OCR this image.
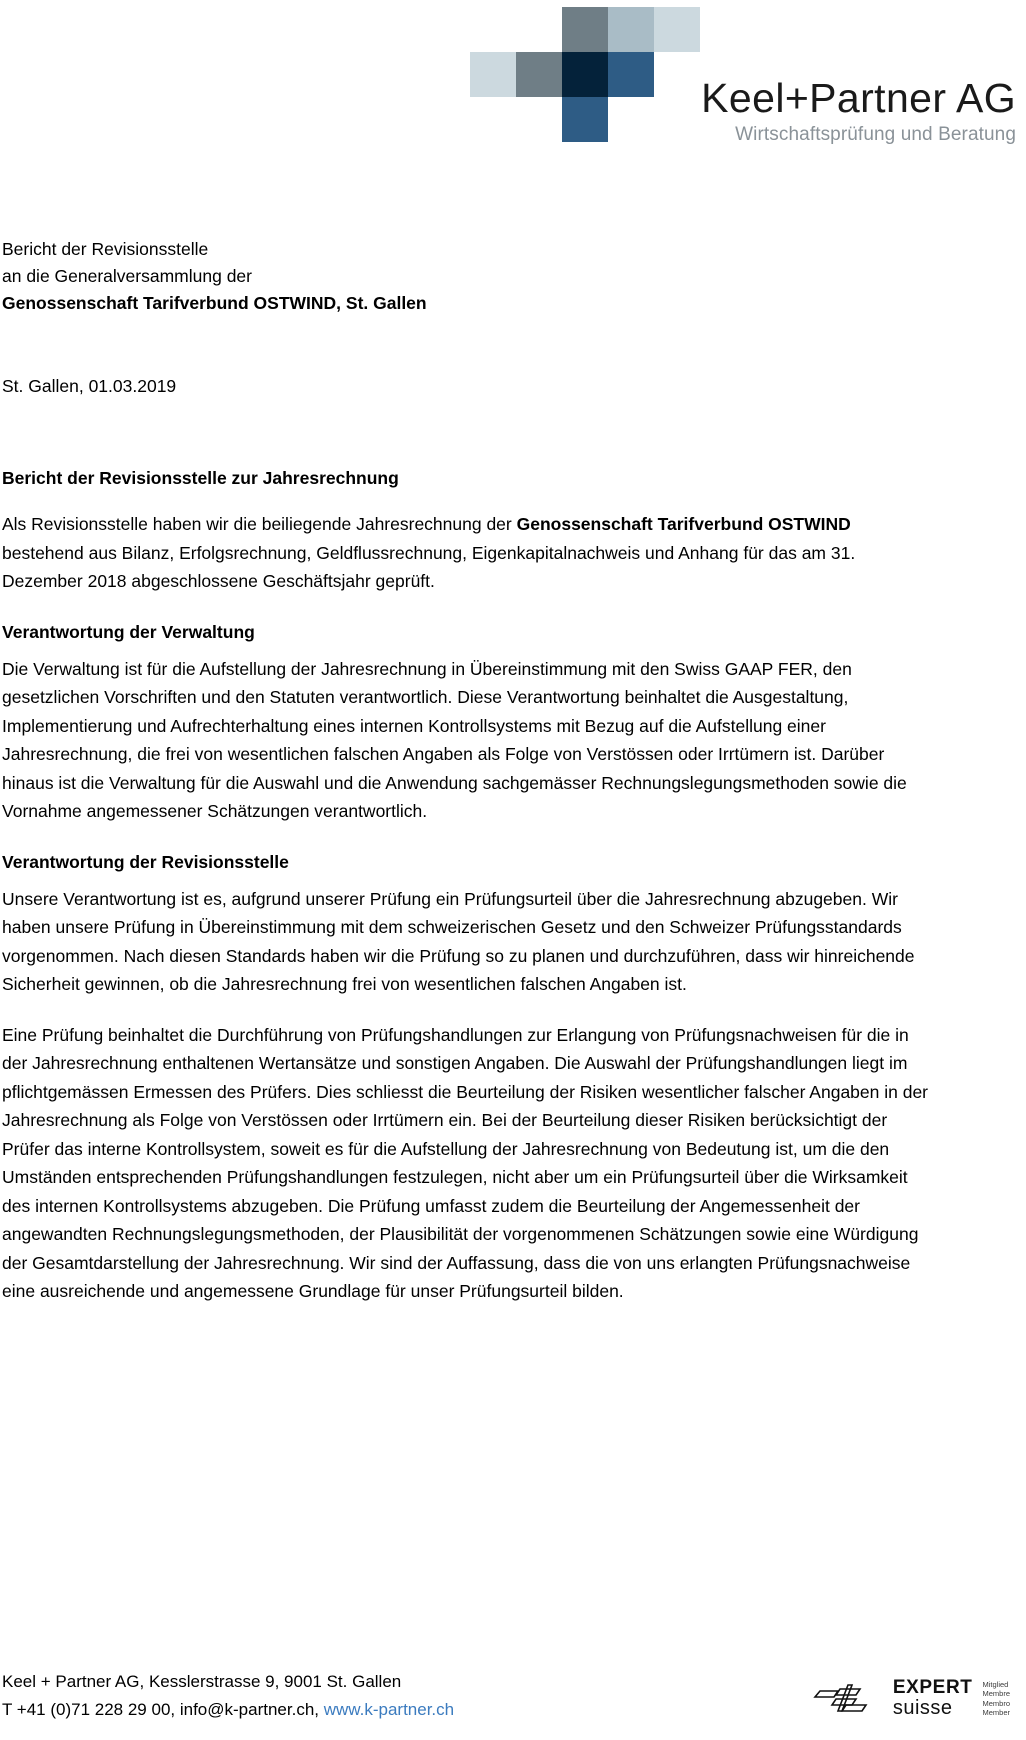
Keel+Partner AG
Wirtschaftsprüfung und Beratung
Bericht der Revisionsstelle
an die Generalversammlung der
Genossenschaft Tarifverbund OSTWIND, St. Gallen
St. Gallen, 01.03.2019
Bericht der Revisionsstelle zur Jahresrechnung

Als Revisionsstelle haben wir die beiliegende Jahresrechnung der Genossenschaft Tarifverbund OSTWIND bestehend aus Bilanz, Erfolgsrechnung, Geldflussrechnung, Eigenkapitalnachweis und Anhang für das am 31. Dezember 2018 abgeschlossene Geschäftsjahr geprüft.

Verantwortung der Verwaltung

Die Verwaltung ist für die Aufstellung der Jahresrechnung in Übereinstimmung mit den Swiss GAAP FER, den gesetzlichen Vorschriften und den Statuten verantwortlich. Diese Verantwortung beinhaltet die Ausgestaltung, Implementierung und Aufrechterhaltung eines internen Kontrollsystems mit Bezug auf die Aufstellung einer Jahresrechnung, die frei von wesentlichen falschen Angaben als Folge von Verstössen oder Irrtümern ist. Darüber hinaus ist die Verwaltung für die Auswahl und die Anwendung sachgemässer Rechnungslegungsmethoden sowie die Vornahme angemessener Schätzungen verantwortlich.

Verantwortung der Revisionsstelle

Unsere Verantwortung ist es, aufgrund unserer Prüfung ein Prüfungsurteil über die Jahresrechnung abzugeben. Wir haben unsere Prüfung in Übereinstimmung mit dem schweizerischen Gesetz und den Schweizer Prüfungsstandards vorgenommen. Nach diesen Standards haben wir die Prüfung so zu planen und durchzuführen, dass wir hinreichende Sicherheit gewinnen, ob die Jahresrechnung frei von wesentlichen falschen Angaben ist.

Eine Prüfung beinhaltet die Durchführung von Prüfungshandlungen zur Erlangung von Prüfungsnachweisen für die in der Jahresrechnung enthaltenen Wertansätze und sonstigen Angaben. Die Auswahl der Prüfungshandlungen liegt im pflichtgemässen Ermessen des Prüfers. Dies schliesst die Beurteilung der Risiken wesentlicher falscher Angaben in der Jahresrechnung als Folge von Verstössen oder Irrtümern ein. Bei der Beurteilung dieser Risiken berücksichtigt der Prüfer das interne Kontrollsystem, soweit es für die Aufstellung der Jahresrechnung von Bedeutung ist, um die den Umständen entsprechenden Prüfungshandlungen festzulegen, nicht aber um ein Prüfungsurteil über die Wirksamkeit des internen Kontrollsystems abzugeben. Die Prüfung umfasst zudem die Beurteilung der Angemessenheit der angewandten Rechnungslegungsmethoden, der Plausibilität der vorgenommenen Schätzungen sowie eine Würdigung der Gesamtdarstellung der Jahresrechnung. Wir sind der Auffassung, dass die von uns erlangten Prüfungsnachweise eine ausreichende und angemessene Grundlage für unser Prüfungsurteil bilden.

Keel + Partner AG, Kesslerstrasse 9, 9001 St. Gallen
T +41 (0)71 228 29 00, info@k-partner.ch, www.k-partner.ch
EXPERT
suisse
Mitglied
Membre
Membro
Member
